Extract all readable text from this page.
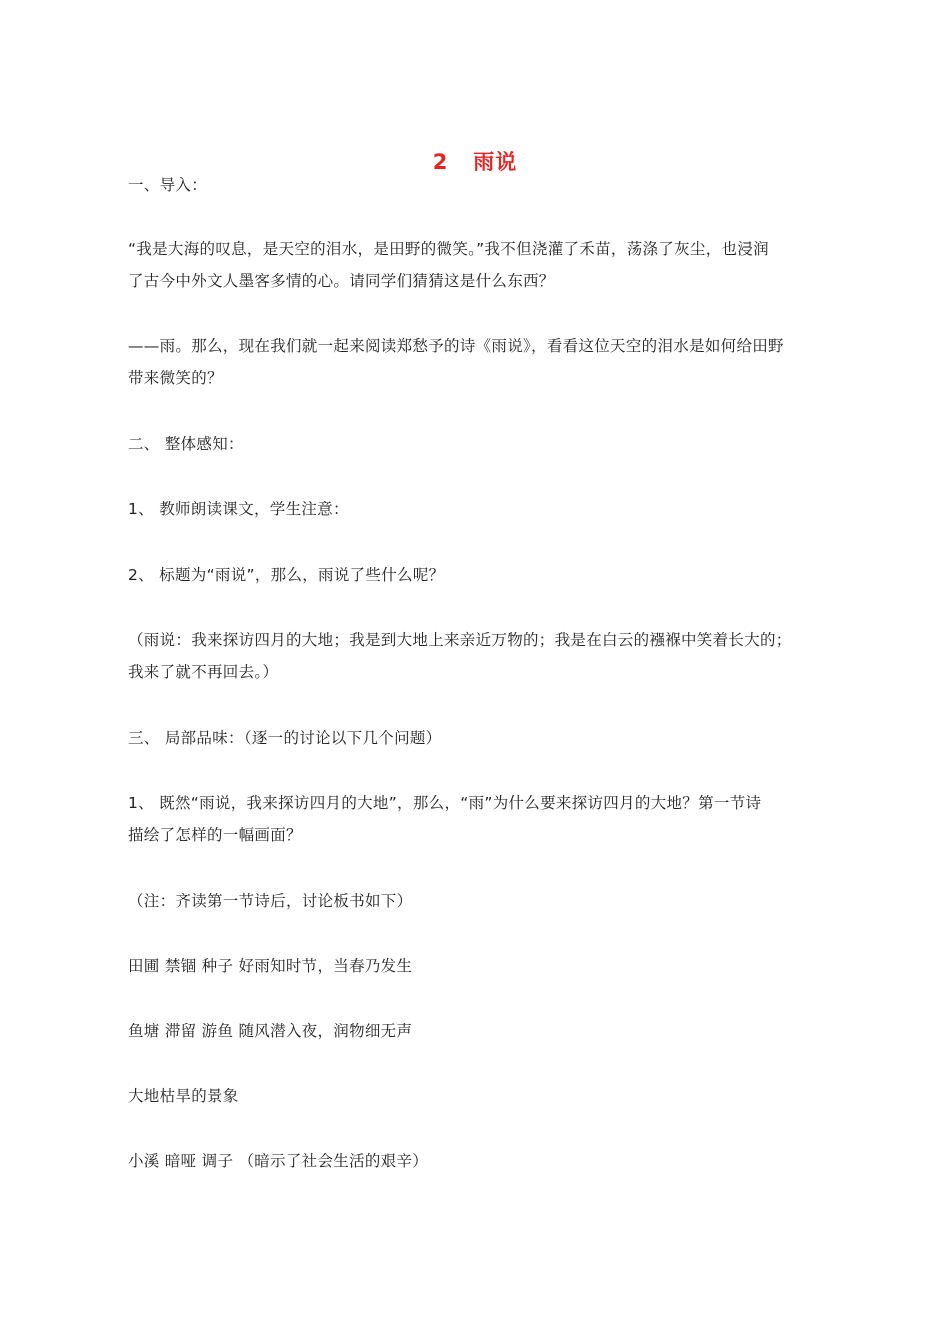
2 雨说
一、导入：
“我是大海的叹息，是天空的泪水，是田野的微笑。”我不但浇灌了禾苗，荡涤了灰尘，也浸润
了古今中外文人墨客多情的心。请同学们猜猜这是什么东西？
——雨。那么，现在我们就一起来阅读郑愁予的诗《雨说》，看看这位天空的泪水是如何给田野
带来微笑的？
二、 整体感知：
1、 教师朗读课文，学生注意：
2、 标题为“雨说”，那么，雨说了些什么呢？
（雨说：我来探访四月的大地；我是到大地上来亲近万物的；我是在白云的襁褓中笑着长大的；
我来了就不再回去。）
三、 局部品味：（逐一的讨论以下几个问题）
1、 既然“雨说，我来探访四月的大地”，那么，“雨”为什么要来探访四月的大地？第一节诗
描绘了怎样的一幅画面？
（注：齐读第一节诗后，讨论板书如下）
田圃 禁锢 种子 好雨知时节，当春乃发生
鱼塘 滞留 游鱼 随风潜入夜，润物细无声
大地枯旱的景象
小溪 暗哑 调子 （暗示了社会生活的艰辛）
